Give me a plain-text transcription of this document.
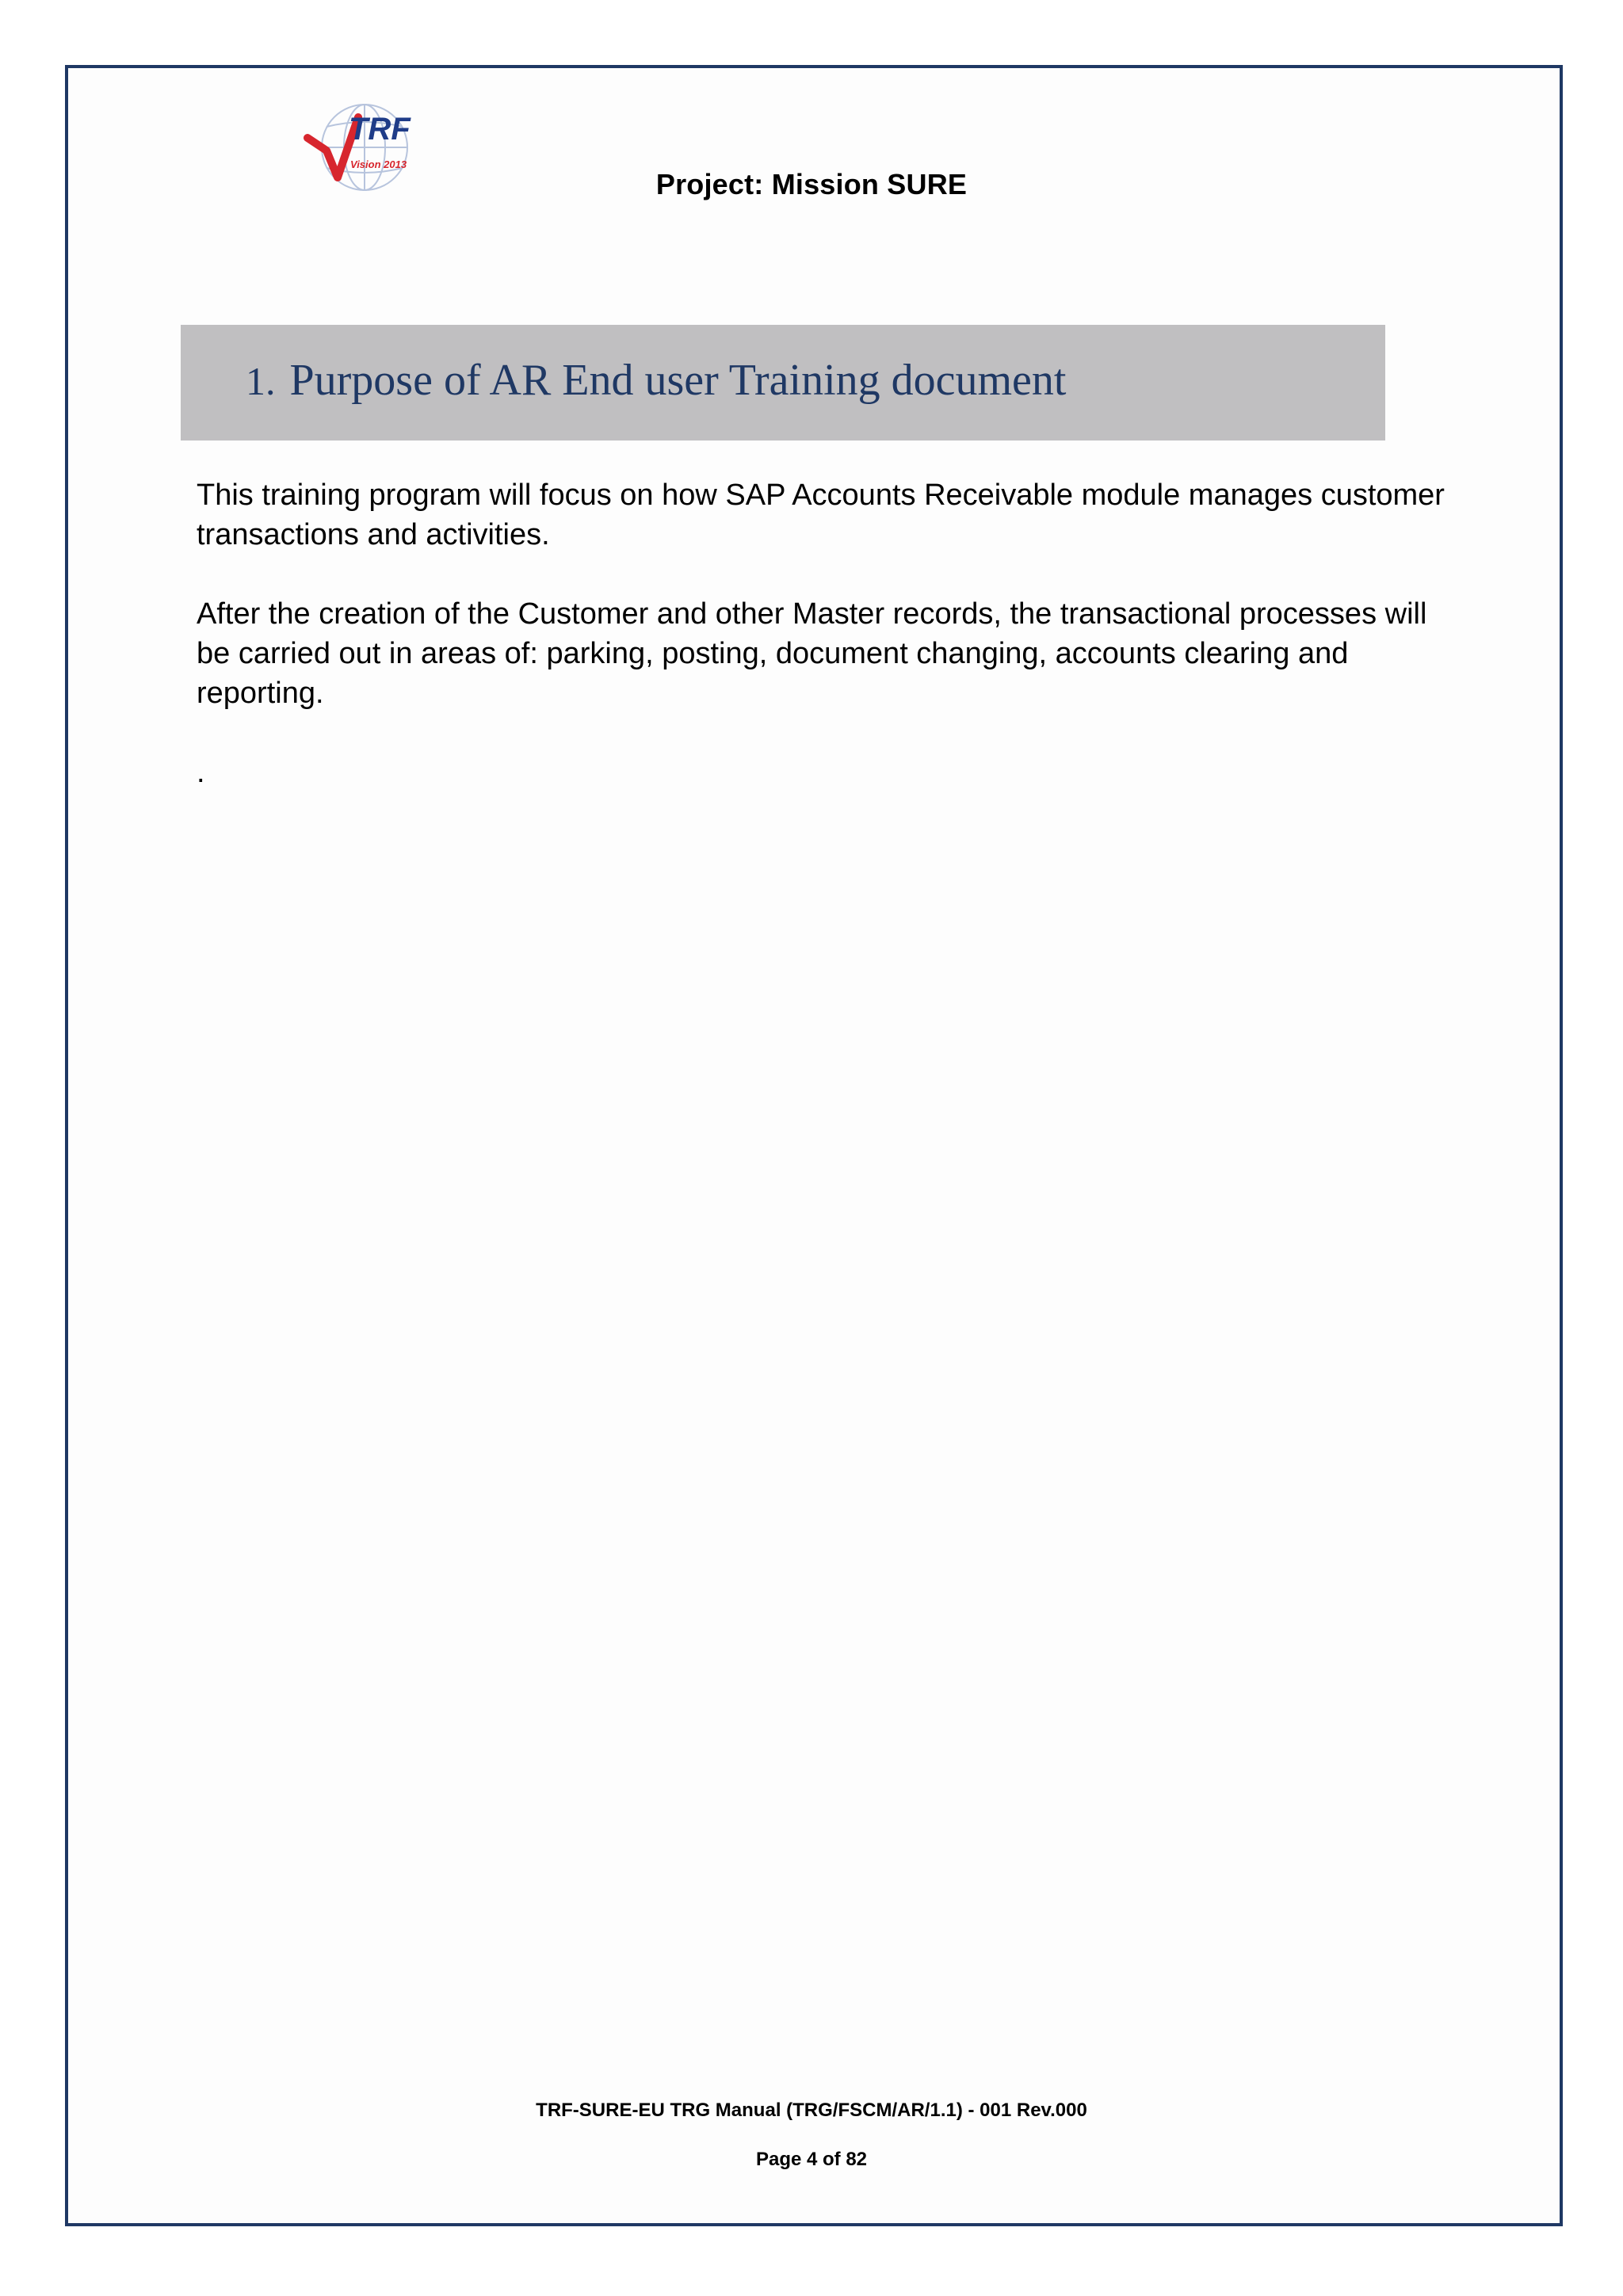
TRF
Vision 2013
Project: Mission SURE
1. Purpose of AR End user Training document
This training program will focus on how SAP Accounts Receivable module manages customer transactions and activities.
After the creation of the Customer and other Master records, the transactional processes will be carried out in areas of: parking, posting, document changing, accounts clearing and reporting.
.
TRF-SURE-EU TRG Manual (TRG/FSCM/AR/1.1) - 001 Rev.000
Page 4 of 82
